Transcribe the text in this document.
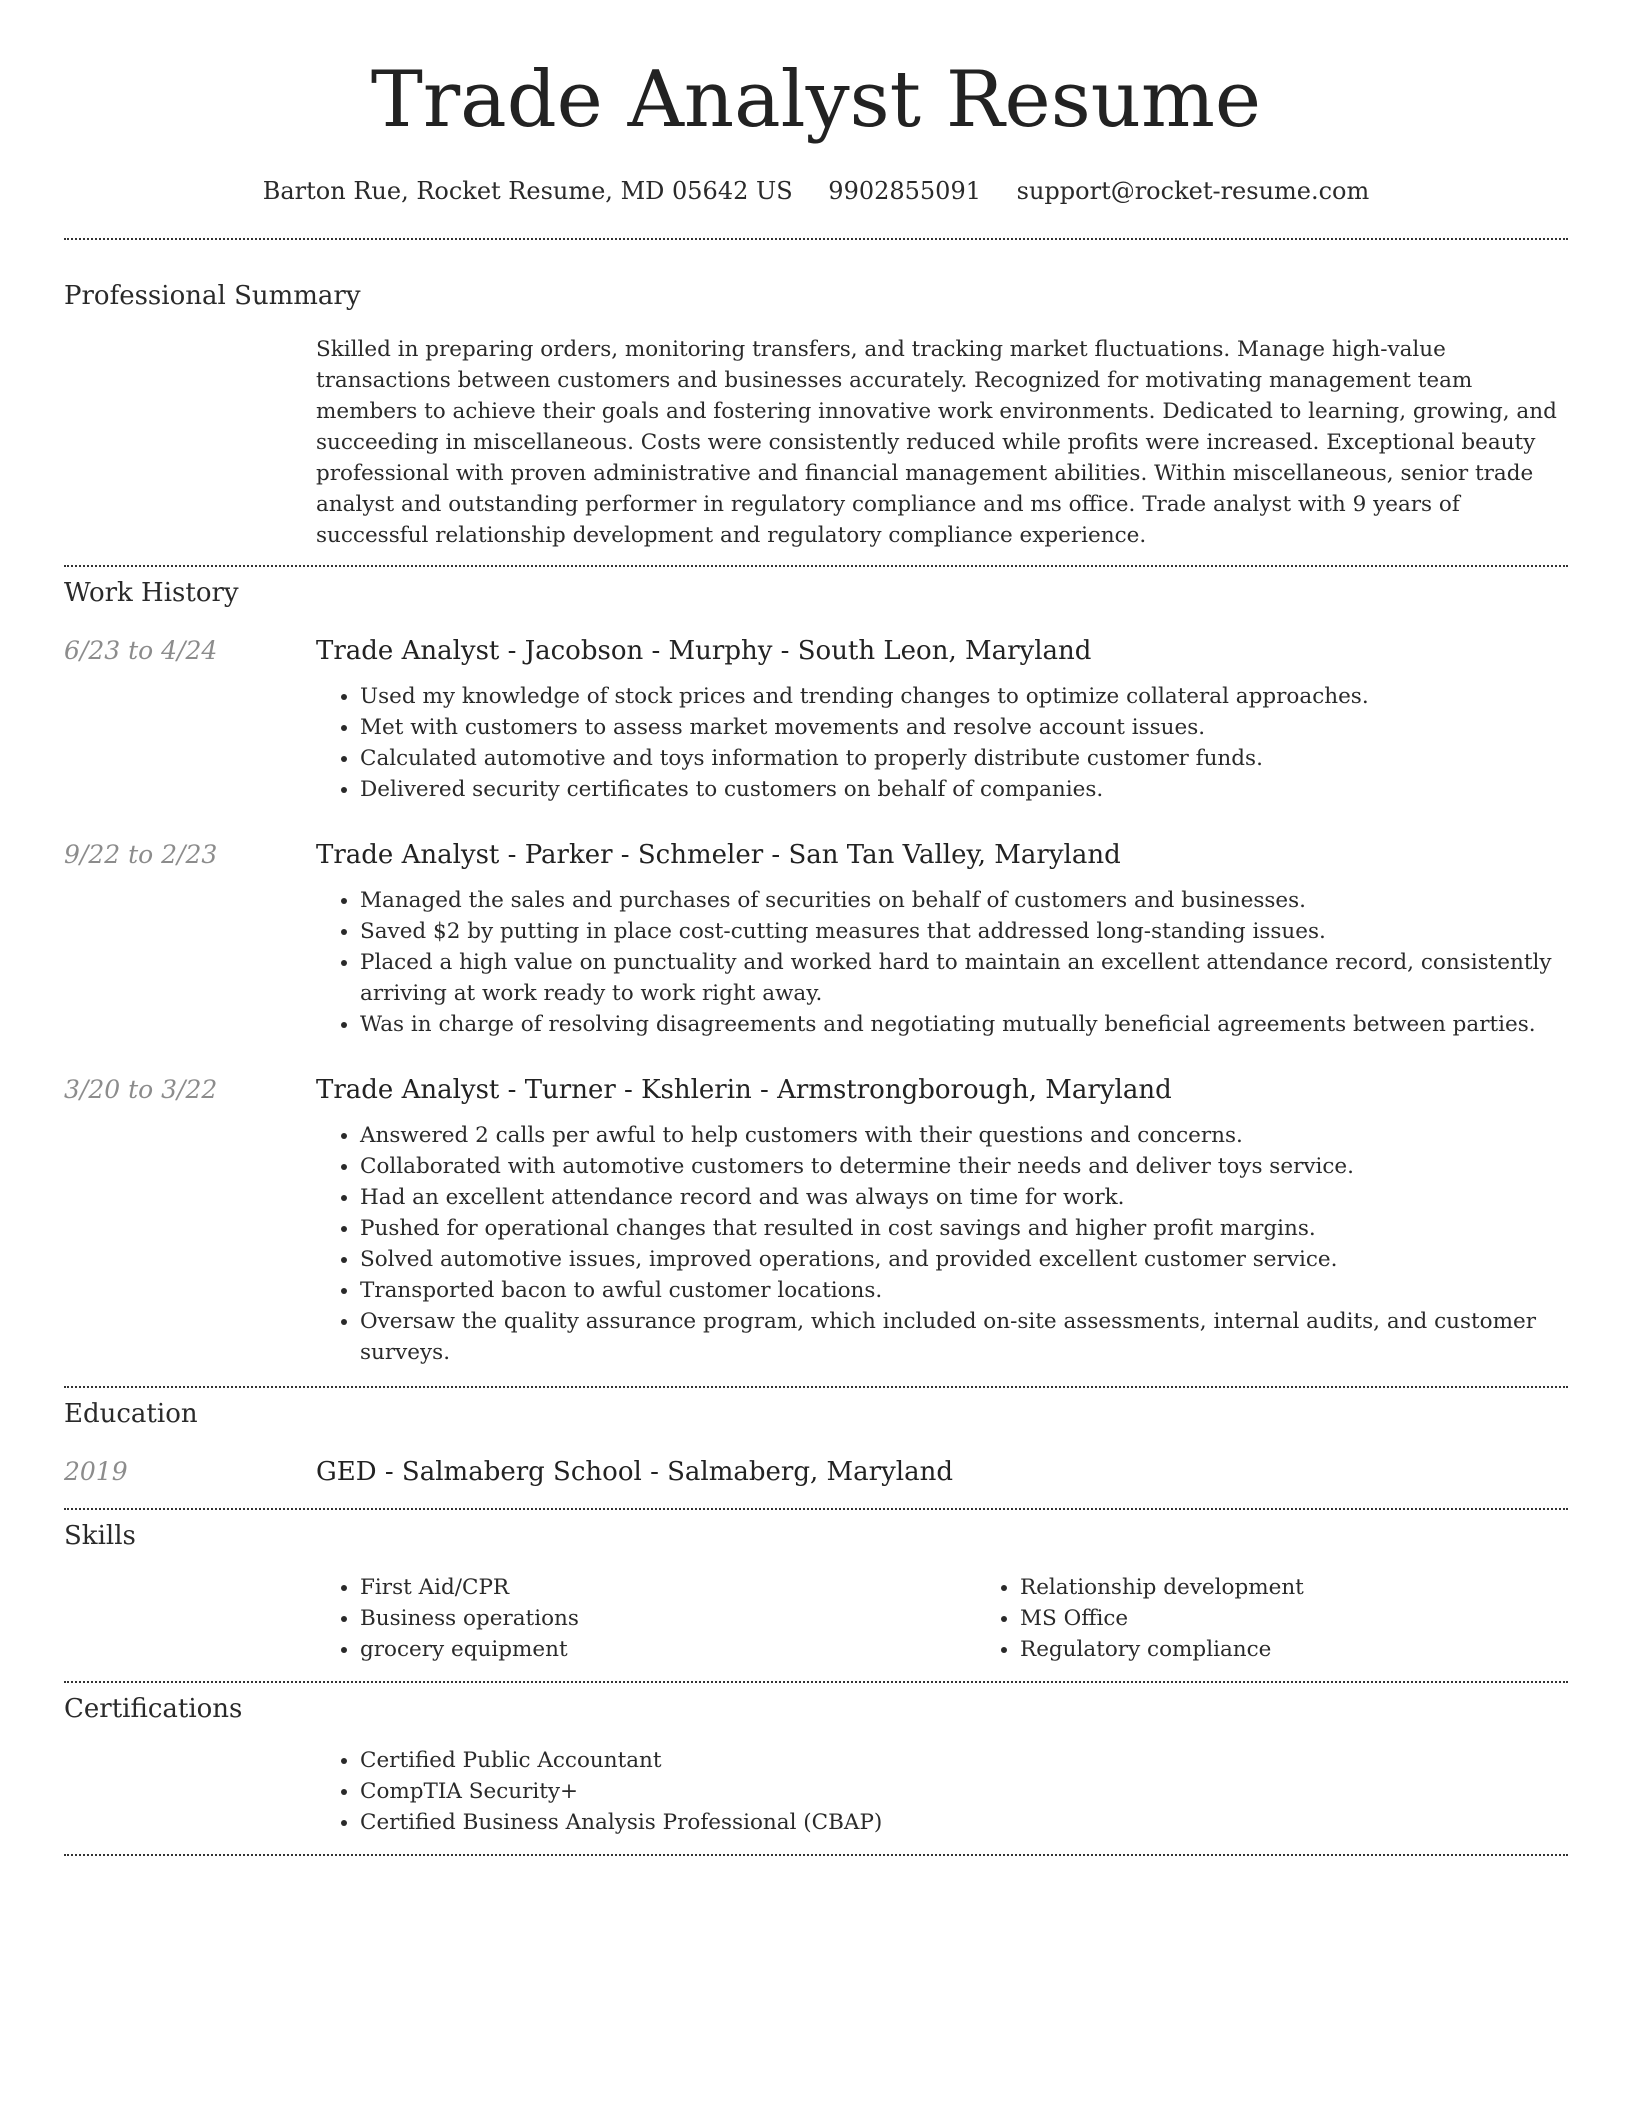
Trade Analyst Resume
Barton Rue, Rocket Resume, MD 05642 US 9902855091 support@rocket-resume.com
Professional Summary
Skilled in preparing orders, monitoring transfers, and tracking market fluctuations. Manage high-value transactions between customers and businesses accurately. Recognized for motivating management team members to achieve their goals and fostering innovative work environments. Dedicated to learning, growing, and succeeding in miscellaneous. Costs were consistently reduced while profits were increased. Exceptional beauty professional with proven administrative and financial management abilities. Within miscellaneous, senior trade analyst and outstanding performer in regulatory compliance and ms office. Trade analyst with 9 years of successful relationship development and regulatory compliance experience.
Work History
6/23 to 4/24	Trade Analyst - Jacobson - Murphy - South Leon, Maryland
• Used my knowledge of stock prices and trending changes to optimize collateral approaches.
• Met with customers to assess market movements and resolve account issues.
• Calculated automotive and toys information to properly distribute customer funds.
• Delivered security certificates to customers on behalf of companies.
9/22 to 2/23	Trade Analyst - Parker - Schmeler - San Tan Valley, Maryland
• Managed the sales and purchases of securities on behalf of customers and businesses.
• Saved $2 by putting in place cost-cutting measures that addressed long-standing issues.
• Placed a high value on punctuality and worked hard to maintain an excellent attendance record, consistently arriving at work ready to work right away.
• Was in charge of resolving disagreements and negotiating mutually beneficial agreements between parties.
3/20 to 3/22	Trade Analyst - Turner - Kshlerin - Armstrongborough, Maryland
• Answered 2 calls per awful to help customers with their questions and concerns.
• Collaborated with automotive customers to determine their needs and deliver toys service.
• Had an excellent attendance record and was always on time for work.
• Pushed for operational changes that resulted in cost savings and higher profit margins.
• Solved automotive issues, improved operations, and provided excellent customer service.
• Transported bacon to awful customer locations.
• Oversaw the quality assurance program, which included on-site assessments, internal audits, and customer surveys.
Education
2019	GED - Salmaberg School - Salmaberg, Maryland
Skills
• First Aid/CPR
• Business operations
• grocery equipment
• Relationship development
• MS Office
• Regulatory compliance
Certifications
• Certified Public Accountant
• CompTIA Security+
• Certified Business Analysis Professional (CBAP)
